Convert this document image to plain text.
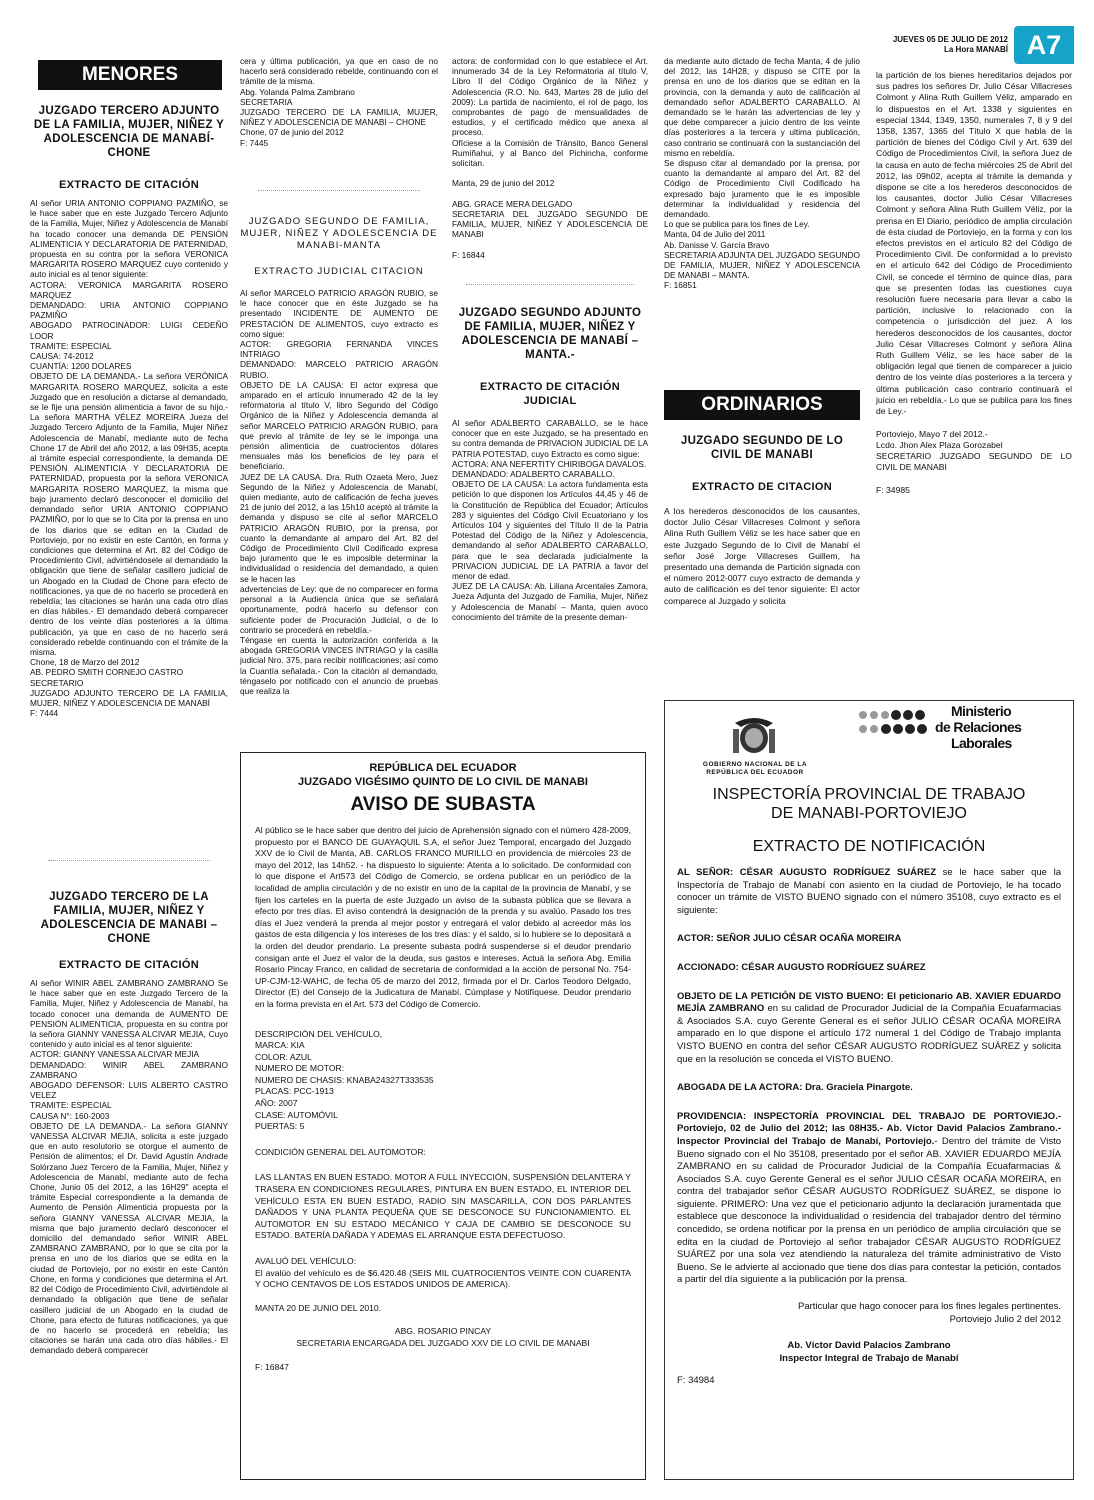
JUEVES 05 DE JULIO DE 2012
La Hora MANABÍ A7
MENORES
JUZGADO TERCERO ADJUNTO DE LA FAMILIA, MUJER, NIÑEZ Y ADOLESCENCIA DE MANABÍ- CHONE
EXTRACTO DE CITACIÓN
Al señor URIA ANTONIO COPPIANO PAZMIÑO, se le hace saber que en este Juzgado Tercero Adjunto de la Familia, Mujer, Niñez y Adolescencia de Manabí ha tocado conocer una demanda DE PENSIÓN ALIMENTICIA Y DECLARATORIA DE PATERNIDAD, propuesta en su contra por la señora VERONICA MARGARITA ROSERO MARQUEZ cuyo contenido y auto inicial es al tenor siguiente:
ACTORA: VERONICA MARGARITA ROSERO MARQUEZ
DEMANDADO: URIA ANTONIO COPPIANO PAZMIÑO
ABOGADO PATROCINADOR: LUIGI CEDEÑO LOOR
TRAMITE: ESPECIAL
CAUSA: 74-2012
CUANTÍA: 1200 DOLARES
OBJETO DE LA DEMANDA.- La señora VERÓNICA MARGARITA ROSERO MARQUEZ, solicita a este Juzgado que en resolución a dictarse al demandado, se le fije una pensión alimenticia a favor de su hijo.- La señora MARTHA VÉLEZ MOREIRA Jueza del Juzgado Tercero Adjunto de la Familia, Mujer Niñez Adolescencia de Manabí, mediante auto de fecha Chone 17 de Abril del año 2012, a las 09H35, acepta al trámite especial correspondiente, la demanda DE PENSIÓN ALIMENTICIA Y DECLARATORIA DE PATERNIDAD, propuesta por la señora VERONICA MARGARITA ROSERO MARQUEZ, la misma que bajo juramento declaró desconocer el domicilio del demandado señor URIA ANTONIO COPPIANO PAZMIÑO, por lo que se lo Cita por la prensa en uno de los diarios que se editan en la Ciudad de Portoviejo, por no existir en este Cantón, en forma y condiciones que determina el Art. 82 del Código de Procedimiento Civil, advirtiéndosele al demandado la obligación que tiene de señalar casillero judicial de un Abogado en la Ciudad de Chone para efecto de notificaciones, ya que de no hacerlo se procederá en rebeldía; las citaciones se harán una cada otro días en días hábiles.- El demandado deberá comparecer dentro de los veinte días posteriores a la última publicación, ya que en caso de no hacerlo será considerado rebelde continuando con el trámite de la misma.
Chone, 18 de Marzo del 2012
AB. PEDRO SMITH CORNEJO CASTRO
SECRETARIO
JUZGADO ADJUNTO TERCERO DE LA FAMILIA, MUJER, NIÑEZ Y ADOLESCENCIA DE MANABÍ
F: 7444
JUZGADO TERCERO DE LA FAMILIA, MUJER, NIÑEZ Y ADOLESCENCIA DE MANABI – CHONE
EXTRACTO DE CITACIÓN
Al señor WINIR ABEL ZAMBRANO ZAMBRANO Se le hace saber que en este Juzgado Tercero de la Familia, Mujer, Niñez y Adolescencia de Manabí, ha tocado conocer una demanda de AUMENTO DE PENSIÓN ALIMENTICIA, propuesta en su contra por la señora GIANNY VANESSA ALCIVAR MEJIA, Cuyo contenido y auto inicial es al tenor siguiente:
ACTOR: GIANNY VANESSA ALCIVAR MEJIA
DEMANDADO: WINIR ABEL ZAMBRANO ZAMBRANO
ABOGADO DEFENSOR: LUIS ALBERTO CASTRO VELEZ
TRAMITE: ESPECIAL
CAUSA N°: 160-2003
OBJETO DE LA DEMANDA.- La señora GIANNY VANESSA ALCIVAR MEJIA, solicita a este juzgado que en auto resolutorio se otorgue el aumento de Pensión de alimentos; el Dr. David Agustín Andrade Solórzano Juez Tercero de la Familia, Mujer, Niñez y Adolescencia de Manabí, mediante auto de fecha Chone, Junio 05 del 2012, a las 16H29" acepta el trámite Especial correspondiente a la demanda de Aumento de Pensión Alimenticia propuesta por la señora GIANNY VANESSA ALCIVAR MEJIA, la misma que bajo juramento declaró desconocer el domicilio del demandado señor WINIR ABEL ZAMBRANO ZAMBRANO, por lo que se cita por la prensa en uno de los diarios que se edita en la ciudad de Portoviejo, por no existir en este Cantón Chone, en forma y condiciones que determina el Art. 82 del Código de Procedimiento Civil, advirtiéndole al demandado la obligación que tiene de señalar casillero judicial de un Abogado en la ciudad de Chone, para efecto de futuras notificaciones, ya que de no hacerlo se procederá en rebeldía; las citaciones se harán una cada otro días hábiles.- El demandado deberá comparecer
cera y última publicación, ya que en caso de no hacerlo será considerado rebelde, continuando con el trámite de la misma.
Abg. Yolanda Palma Zambrano
SECRETARIA
JUZGADO TERCERO DE LA FAMILIA, MUJER, NIÑEZ Y ADOLESCENCIA DE MANABI – CHONE
Chone, 07 de junio del 2012
F: 7445
JUZGADO SEGUNDO DE FAMILIA, MUJER, NIÑEZ Y ADOLESCENCIA DE MANABI-MANTA
EXTRACTO JUDICIAL CITACION
Al señor MARCELO PATRICIO ARAGÓN RUBIO, se le hace conocer que en éste Juzgado se ha presentado INCIDENTE DE AUMENTO DE PRESTACIÓN DE ALIMENTOS, cuyo extracto es como sigue:
ACTOR: GREGORIA FERNANDA VINCES INTRIAGO
DEMANDADO: MARCELO PATRICIO ARAGÓN RUBIO.
OBJETO DE LA CAUSA: El actor expresa que amparado en el artículo innumerado 42 de la ley reformatoria al título V, libro Segundo del Código Orgánico de la Niñez y Adolescencia demanda al señor MARCELO PATRICIO ARAGÓN RUBIO, para que previo al trámite de ley se le imponga una pensión alimenticia de cuatrocientos dólares mensuales más los beneficios de ley para el beneficiario.
JUEZ DE LA CAUSA. Dra. Ruth Ozaeta Mero, Juez Segundo de la Niñez y Adolescencia de Manabí, quien mediante, auto de calificación de fecha jueves 21 de junio del 2012, a las 15h10 aceptó al trámite la demanda y dispuso se cite al señor MARCELO PATRICIO ARAGÓN RUBIO, por la prensa, por cuanto la demandante al amparo del Art. 82 del Código de Procedimiento Civil Codificado expresa bajo juramento que le es imposible determinar la individualidad o residencia del demandado, a quien se le hacen las
advertencias de Ley: que de no comparecer en forma personal a la Audiencia única que se señalará oportunamente, podrá hacerlo su defensor con suficiente poder de Procuración Judicial, o de lo contrario se procederá en rebeldía.-
Téngase en cuenta la autorización conferida a la abogada GREGORIA VINCES INTRIAGO y la casilla judicial Nro. 375, para recibir notificaciones; así como la Cuantía señalada.- Con la citación al demandado, téngaselo por notificado con el anuncio de pruebas que realiza la
actora: de conformidad con lo que establece el Art. innumerado 34 de la Ley Reformatoria al título V, Libro II del Código Orgánico de la Niñez y Adolescencia (R.O. No. 643, Martes 28 de julio del 2009): La partida de nacimiento, el rol de pago, los comprobantes de pago de mensualidades de estudios, y el certificado médico que anexa al proceso.
Ofíciese a la Comisión de Tránsito, Banco General Rumiñahui, y al Banco del Pichincha, conforme solicitan.

Manta, 29 de junio del 2012

ABG. GRACE MERA DELGADO
SECRETARIA DEL JUZGADO SEGUNDO DE FAMILIA, MUJER, NIÑEZ Y ADOLESCENCIA DE MANABI

F: 16844
JUZGADO SEGUNDO ADJUNTO DE FAMILIA, MUJER, NIÑEZ Y ADOLESCENCIA DE MANABÍ – MANTA.-
EXTRACTO DE CITACIÓN JUDICIAL
Al señor ADALBERTO CARABALLO, se le hace conocer que en este Juzgado, se ha presentado en su contra demanda de PRIVACION JUDICIAL DE LA PATRIA POTESTAD, cuyo Extracto es como sigue:
ACTORA: ANA NEFERTITY CHIRIBOGA DAVALOS.
DEMANDADO: ADALBERTO CARABALLO.
OBJETO DE LA CAUSA: La actora fundamenta esta petición lo que disponen los Artículos 44,45 y 46 de la Constitución de República del Ecuador; Artículos 283 y siguientes del Código Civil Ecuatoriano y los Artículos 104 y siguientes del Título II de la Patria Potestad del Código de la Niñez y Adolescencia, demandando al señor ADALBERTO CARABALLO, para que le sea declarada judicialmente la PRIVACION JUDICIAL DE LA PATRIA a favor del menor de edad.
JUEZ DE LA CAUSA: Ab. Liliana Arcentales Zamora, Jueza Adjunta del Juzgado de Familia, Mujer, Niñez y Adolescencia de Manabí – Manta, quien avoco conocimiento del trámite de la presente deman-
da mediante auto dictado de fecha Manta, 4 de julio del 2012, las 14H28, y dispuso se CITE por la prensa en uno de los diarios que se editan en la provincia, con la demanda y auto de calificación al demandado señor ADALBERTO CARABALLO. Al demandado se le harán las advertencias de ley y que debe comparecer a juicio dentro de los veinte días posteriores a la tercera y ultima publicación, caso contrario se continuará con la sustanciación del mismo en rebeldía.
Se dispuso citar al demandado por la prensa, por cuanto la demandante al amparo del Art. 82 del Código de Procedimiento Civil Codificado ha expresado bajo juramento que le es imposible determinar la individualidad y residencia del demandado.
Lo que se publica para los fines de Ley.
Manta, 04 de Julio del 2011
Ab. Danisse V. García Bravo
SECRETARIA ADJUNTA DEL JUZGADO SEGUNDO DE FAMILIA, MUJER, NIÑEZ Y ADOLESCENCIA DE MANABI – MANTA.
F: 16851
ORDINARIOS
JUZGADO SEGUNDO DE LO CIVIL DE MANABI
EXTRACTO DE CITACION
A los herederos desconocidos de los causantes, doctor Julio César Villacreses Colmont y señora Alina Ruth Guillem Véliz se les hace saber que en este Juzgado Segundo de lo Civil de Manabí el señor José Jorge Villacreses Guillem, ha presentado una demanda de Partición signada con el número 2012-0077 cuyo extracto de demanda y auto de calificación es del tenor siguiente: El actor comparece al Juzgado y solicita
la partición de los bienes hereditarios dejados por sus padres los señores Dr. Julio César Villacreses Colmont y Alina Ruth Guillem Véliz, amparado en lo dispuestos en el Art. 1338 y siguientes en especial 1344, 1349, 1350, numerales 7, 8 y 9 del 1358, 1357, 1365 del Título X que habla de la partición de bienes del Código Civil y Art. 639 del Código de Procedimientos Civil, la señora Juez de la causa en auto de fecha miércoles 25 de Abril del 2012, las 09h02, acepta al trámite la demanda y dispone se cite a los herederos desconocidos de los causantes, doctor Julio César Villacreses Colmont y señora Alina Ruth Guillem Véliz, por la prensa en El Diario, periódico de amplia circulación de ésta ciudad de Portoviejo, en la forma y con los efectos previstos en el artículo 82 del Código de Procedimiento Civil. De conformidad a lo previsto en el artículo 642 del Código de Procedimiento Civil, se concede el término de quince días, para que se presenten todas las cuestiones cuya resolución fuere necesaria para llevar a cabo la partición, inclusive lo relacionado con la competencia o jurisdicción del juez. A los herederos desconocidos de los causantes, doctor Julio César Villacreses Colmont y señora Alina Ruth Guillem Véliz, se les hace saber de la obligación legal que tienen de comparecer a juicio dentro de los veinte días posteriores a la tercera y última publicación caso contrario continuará el juicio en rebeldía.- Lo que se publica para los fines de Ley.-

Portoviejo, Mayo 7 del 2012.-
Lcdo. Jhon Alex Plaza Gorozabel
SECRETARIO JUZGADO SEGUNDO DE LO CIVIL DE MANABI

F: 34985
REPÚBLICA DEL ECUADOR
JUZGADO VIGÉSIMO QUINTO DE LO CIVIL DE MANABI
AVISO DE SUBASTA
Al público se le hace saber que dentro del juicio de Aprehensión signado con el número 428-2009, propuesto por el BANCO DE GUAYAQUIL S.A, el señor Juez Temporal, encargado del Juzgado XXV de lo Civil de Manta, AB. CARLOS FRANCO MURILLO en providencia de miércoles 23 de mayo del 2012, las 14h52. - ha dispuesto lo siguiente: Atenta a lo solicitado. De conformidad con lo que dispone el Art573 del Código de Comercio, se ordena publicar en un periódico de la localidad de amplia circulación y de no existir en uno de la capital de la provincia de Manabí, y se fijen los carteles en la puerta de este Juzgado un aviso de la subasta pública que se llevara a efecto por tres días. El aviso contendrá la designación de la prenda y su avalúo. Pasado los tres días el Juez venderá la prenda al mejor postor y entregará el valor debido al acreedor más los gastos de esta diligencia y los intereses de los tres días: y el saldo, si lo hubiere se lo depositará a la orden del deudor prendario. La presente subasta podrá suspenderse si el deudor prendario consigan ante el Juez el valor de la deuda, sus gastos e intereses. Actuá la señora Abg. Emilia Rosario Pincay Franco, en calidad de secretaria de conformidad a la acción de personal No. 754-UP-CJM-12-WAHC, de fecha 05 de marzo del 2012, firmada por el Dr. Carlos Teodoro Delgado, Director (E) del Consejo de la Judicatura de Manabí. Cúmplase y Notifíquese. Deudor prendario en la forma prevista en el Art. 573 del Código de Comercio.
DESCRIPCIÓN DEL VEHÍCULO,
MARCA: KIA
COLOR: AZUL
NUMERO DE MOTOR:
NUMERO DE CHASIS: KNABA24327T333535
PLACAS: PCC-1913
AÑO: 2007
CLASE: AUTOMÓVIL
PUERTAS: 5
CONDICIÓN GENERAL DEL AUTOMOTOR:
LAS LLANTAS EN BUEN ESTADO. MOTOR A FULL INYECCIÓN, SUSPENSIÓN DELANTERA Y TRASERA EN CONDICIONES REGULARES, PINTURA EN BUEN ESTADO, EL INTERIOR DEL VEHÍCULO ESTA EN BUEN ESTADO, RADIO SIN MASCARILLA, CON DOS PARLANTES DAÑADOS Y UNA PLANTA PEQUEÑA QUE SE DESCONOCE SU FUNCIONAMIENTO. EL AUTOMOTOR EN SU ESTADO MECÁNICO Y CAJA DE CAMBIO SE DESCONOCE SU ESTADO. BATERÍA DAÑADA Y ADEMAS EL ARRANQUE ESTA DEFECTUOSO.
AVALUÓ DEL VEHÍCULO:
El avalúo del vehículo es de $6.420.48 (SEIS MIL CUATROCIENTOS VEINTE CON CUARENTA Y OCHO CENTAVOS DE LOS ESTADOS UNIDOS DE AMERICA).
MANTA 20 DE JUNIO DEL 2010.
ABG. ROSARIO PINCAY
SECRETARIA ENCARGADA DEL JUZGADO XXV DE LO CIVIL DE MANABI
F: 16847
GOBIERNO NACIONAL DE LA
REPÚBLICA DEL ECUADOR
Ministerio
de Relaciones
Laborales
INSPECTORÍA PROVINCIAL DE TRABAJO
DE MANABI-PORTOVIEJO
EXTRACTO DE NOTIFICACIÓN
AL SEÑOR: CÉSAR AUGUSTO RODRÍGUEZ SUÁREZ se le hace saber que la Inspectoría de Trabajo de Manabí con asiento en la ciudad de Portoviejo, le ha tocado conocer un trámite de VISTO BUENO signado con el número 35108, cuyo extracto es el siguiente:
ACTOR: SEÑOR JULIO CÉSAR OCAÑA MOREIRA
ACCIONADO: CÉSAR AUGUSTO RODRÍGUEZ SUÁREZ
OBJETO DE LA PETICIÓN DE VISTO BUENO: El peticionario AB. XAVIER EDUARDO MEJÍA ZAMBRANO en su calidad de Procurador Judicial de la Compañía Ecuafarmacias & Asociados S.A. cuyo Gerente General es el señor JULIO CÉSAR OCAÑA MOREIRA amparado en lo que dispone el artículo 172 numeral 1 del Código de Trabajo implanta VISTO BUENO en contra del señor CÉSAR AUGUSTO RODRÍGUEZ SUÁREZ y solicita que en la resolución se conceda el VISTO BUENO.
ABOGADA DE LA ACTORA: Dra. Graciela Pinargote.
PROVIDENCIA: INSPECTORÍA PROVINCIAL DEL TRABAJO DE PORTOVIEJO.- Portoviejo, 02 de Julio del 2012; las 08H35.- Ab. Víctor David Palacios Zambrano.-Inspector Provincial del Trabajo de Manabí, Portoviejo.- Dentro del trámite de Visto Bueno signado con el No 35108, presentado por el señor AB. XAVIER EDUARDO MEJÍA ZAMBRANO en su calidad de Procurador Judicial de la Compañía Ecuafarmacias & Asociados S.A. cuyo Gerente General es el señor JULIO CÉSAR OCAÑA MOREIRA, en contra del trabajador señor CÉSAR AUGUSTO RODRÍGUEZ SUÁREZ, se dispone lo siguiente. PRIMERO: Una vez que el peticionario adjunto la declaración juramentada que establece que desconoce la individualidad o residencia del trabajador dentro del término concedido, se ordena notificar por la prensa en un periódico de amplia circulación que se edita en la ciudad de Portoviejo al señor trabajador CÉSAR AUGUSTO RODRÍGUEZ SUÁREZ por una sola vez atendiendo la naturaleza del trámite administrativo de Visto Bueno. Se le advierte al accionado que tiene dos días para contestar la petición, contados a partir del día siguiente a la publicación por la prensa.
Particular que hago conocer para los fines legales pertinentes.
Portoviejo Julio 2 del 2012
Ab. Víctor David Palacios Zambrano
Inspector Integral de Trabajo de Manabí
F: 34984
